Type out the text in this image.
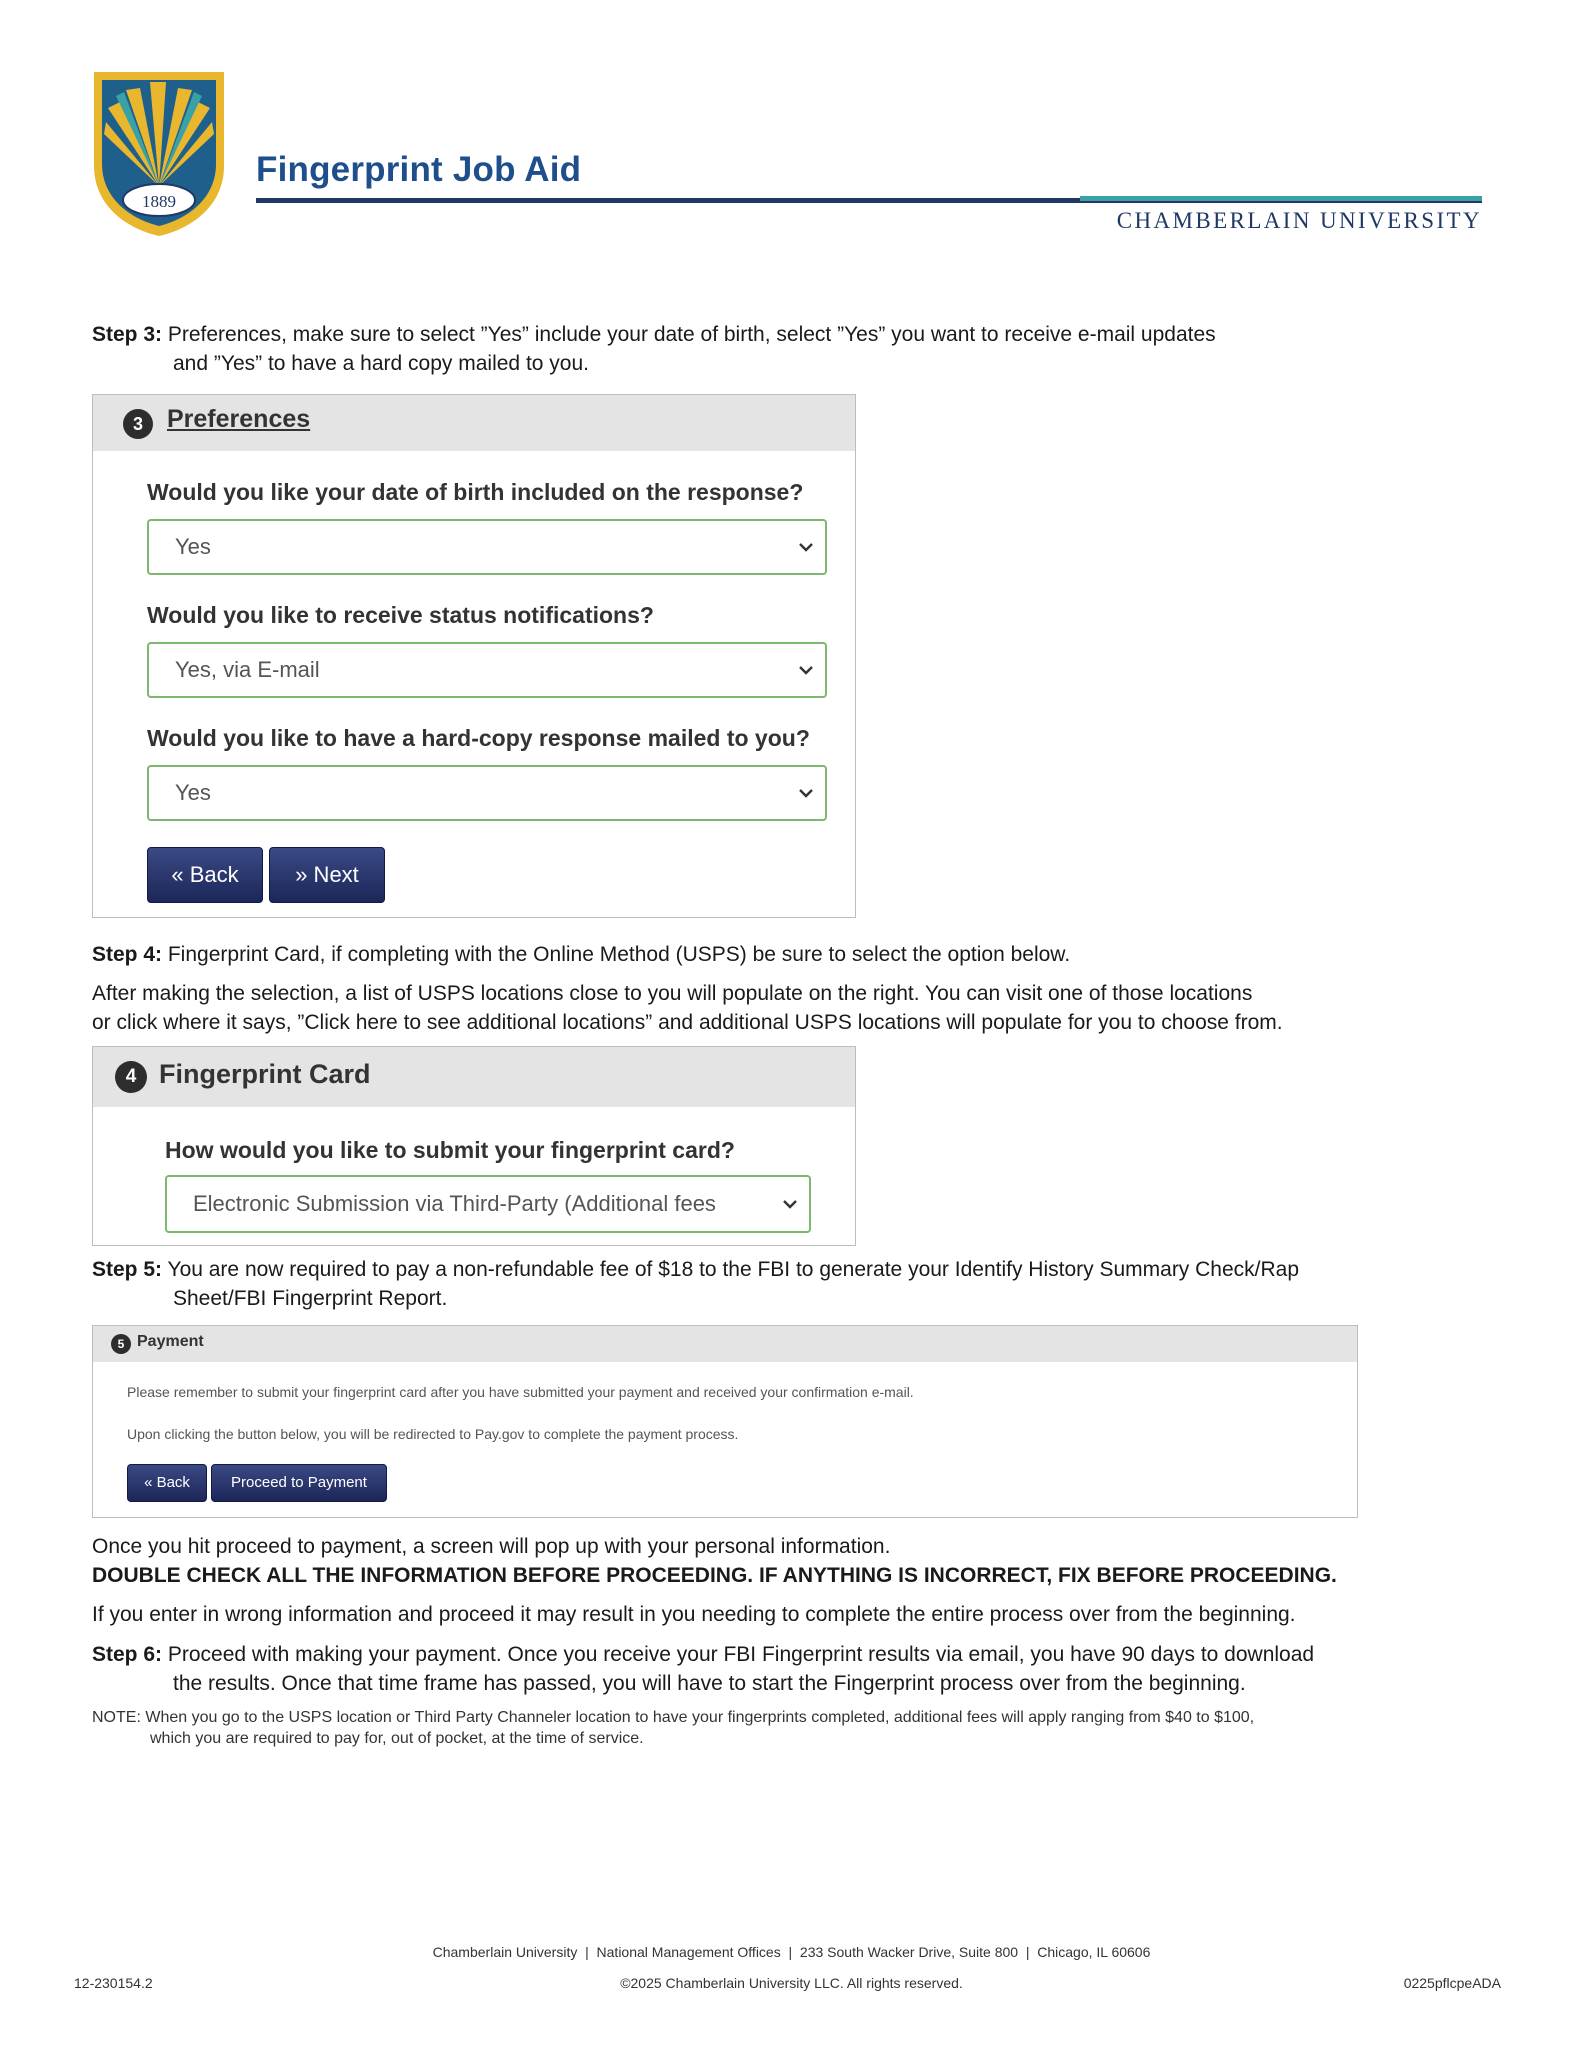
1889
Fingerprint Job Aid
CHAMBERLAIN UNIVERSITY
Step 3: Preferences, make sure to select ”Yes” include your date of birth, select ”Yes” you want to receive e-mail updates
and ”Yes” to have a hard copy mailed to you.
3 Preferences
Would you like your date of birth included on the response?
Yes
Would you like to receive status notifications?
Yes, via E-mail
Would you like to have a hard-copy response mailed to you?
Yes
« Back	» Next
Step 4: Fingerprint Card, if completing with the Online Method (USPS) be sure to select the option below.
After making the selection, a list of USPS locations close to you will populate on the right. You can visit one of those locations
or click where it says, ”Click here to see additional locations” and additional USPS locations will populate for you to choose from.
4 Fingerprint Card
How would you like to submit your fingerprint card?
Electronic Submission via Third-Party (Additional fees
Step 5: You are now required to pay a non-refundable fee of $18 to the FBI to generate your Identify History Summary Check/Rap
Sheet/FBI Fingerprint Report.
5 Payment
Please remember to submit your fingerprint card after you have submitted your payment and received your confirmation e-mail.
Upon clicking the button below, you will be redirected to Pay.gov to complete the payment process.
« Back	Proceed to Payment
Once you hit proceed to payment, a screen will pop up with your personal information.
DOUBLE CHECK ALL THE INFORMATION BEFORE PROCEEDING. IF ANYTHING IS INCORRECT, FIX BEFORE PROCEEDING.
If you enter in wrong information and proceed it may result in you needing to complete the entire process over from the beginning.
Step 6: Proceed with making your payment. Once you receive your FBI Fingerprint results via email, you have 90 days to download
the results. Once that time frame has passed, you will have to start the Fingerprint process over from the beginning.
NOTE: When you go to the USPS location or Third Party Channeler location to have your fingerprints completed, additional fees will apply ranging from $40 to $100,
which you are required to pay for, out of pocket, at the time of service.
Chamberlain University  |  National Management Offices  |  233 South Wacker Drive, Suite 800  |  Chicago, IL 60606
12-230154.2	©2025 Chamberlain University LLC. All rights reserved.	0225pflcpeADA
